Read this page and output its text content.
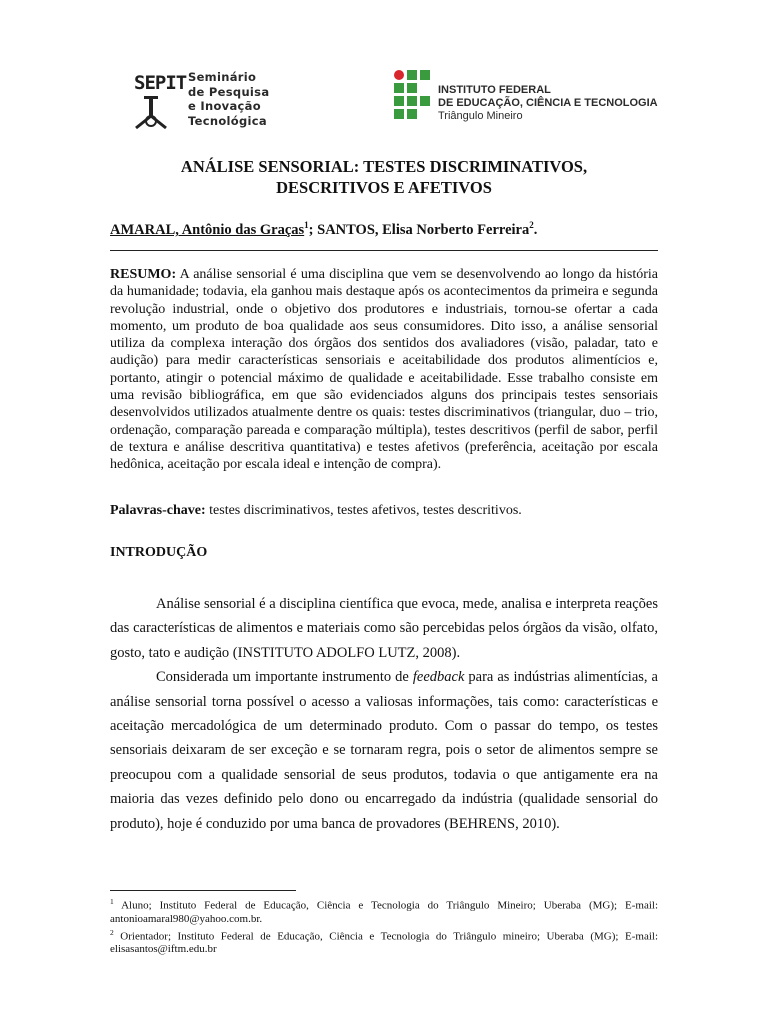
SEPIT Seminário
de Pesquisa
e Inovação
Tecnológica
INSTITUTO FEDERAL
DE EDUCAÇÃO, CIÊNCIA E TECNOLOGIA
Triângulo Mineiro
ANÁLISE SENSORIAL: TESTES DISCRIMINATIVOS,
DESCRITIVOS E AFETIVOS
AMARAL, Antônio das Graças$^1$; SANTOS, Elisa Norberto Ferreira$^2$.
RESUMO: A análise sensorial é uma disciplina que vem se desenvolvendo ao longo da história da humanidade; todavia, ela ganhou mais destaque após os acontecimentos da primeira e segunda revolução industrial, onde o objetivo dos produtores e industriais, tornou-se ofertar a cada momento, um produto de boa qualidade aos seus consumidores. Dito isso, a análise sensorial utiliza da complexa interação dos órgãos dos sentidos dos avaliadores (visão, paladar, tato e audição) para medir características sensoriais e aceitabilidade dos produtos alimentícios e, portanto, atingir o potencial máximo de qualidade e aceitabilidade. Esse trabalho consiste em uma revisão bibliográfica, em que são evidenciados alguns dos principais testes sensoriais desenvolvidos utilizados atualmente dentre os quais: testes discriminativos (triangular, duo – trio, ordenação, comparação pareada e comparação múltipla), testes descritivos (perfil de sabor, perfil de textura e análise descritiva quantitativa) e testes afetivos (preferência, aceitação por escala hedônica, aceitação por escala ideal e intenção de compra).
Palavras-chave: testes discriminativos, testes afetivos, testes descritivos.
INTRODUÇÃO

Análise sensorial é a disciplina científica que evoca, mede, analisa e interpreta reações das características de alimentos e materiais como são percebidas pelos órgãos da visão, olfato, gosto, tato e audição (INSTITUTO ADOLFO LUTZ, 2008).

Considerada um importante instrumento de feedback para as indústrias alimentícias, a análise sensorial torna possível o acesso a valiosas informações, tais como: características e aceitação mercadológica de um determinado produto. Com o passar do tempo, os testes sensoriais deixaram de ser exceção e se tornaram regra, pois o setor de alimentos sempre se preocupou com a qualidade sensorial de seus produtos, todavia o que antigamente era na maioria das vezes definido pelo dono ou encarregado da indústria (qualidade sensorial do produto), hoje é conduzido por uma banca de provadores (BEHRENS, 2010).

$^1$ Aluno; Instituto Federal de Educação, Ciência e Tecnologia do Triângulo Mineiro; Uberaba (MG); E-mail: antonioamaral980@yahoo.com.br.

$^2$ Orientador; Instituto Federal de Educação, Ciência e Tecnologia do Triângulo mineiro; Uberaba (MG); E-mail: elisasantos@iftm.edu.br
